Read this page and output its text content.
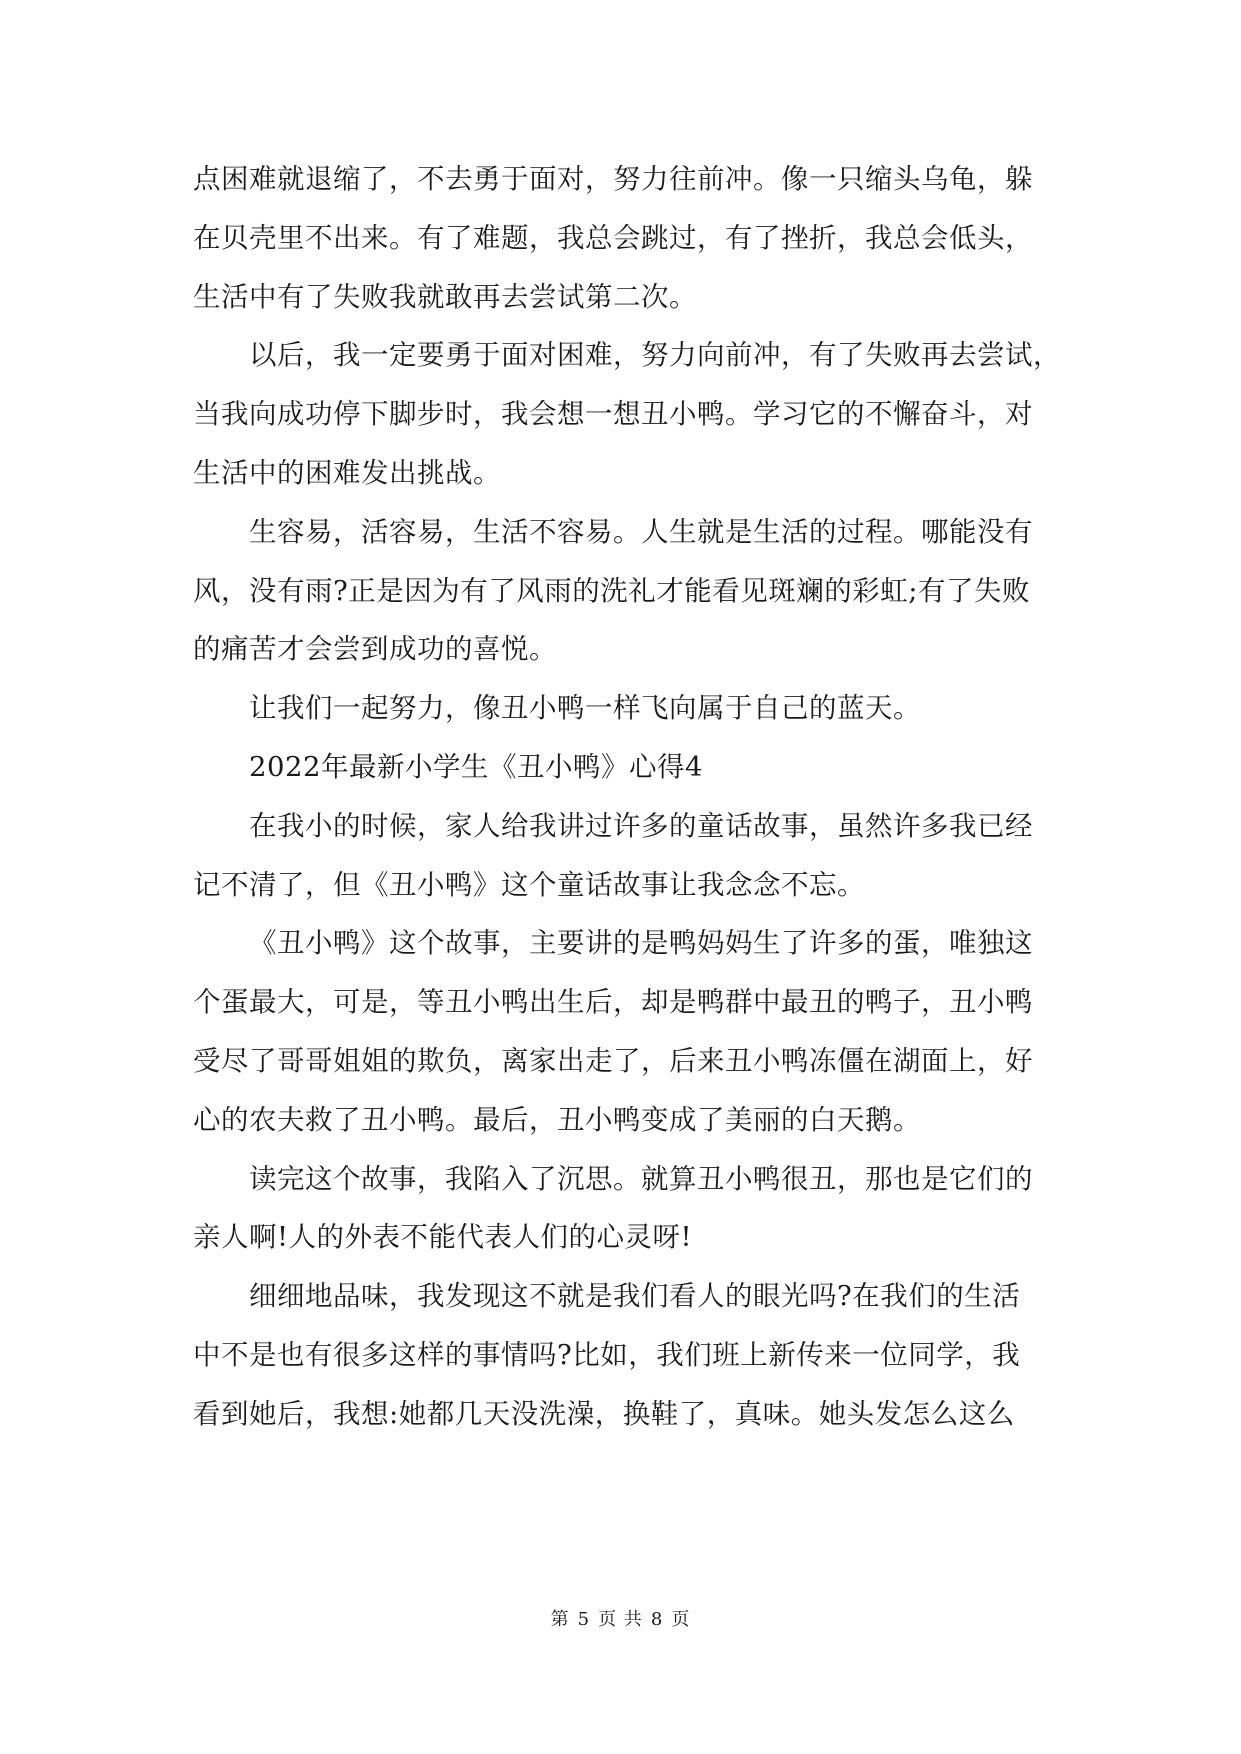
点困难就退缩了，不去勇于面对，努力往前冲。像一只缩头乌龟，躲
在贝壳里不出来。有了难题，我总会跳过，有了挫折，我总会低头，
生活中有了失败我就敢再去尝试第二次。
以后，我一定要勇于面对困难，努力向前冲，有了失败再去尝试，
当我向成功停下脚步时，我会想一想丑小鸭。学习它的不懈奋斗，对
生活中的困难发出挑战。
生容易，活容易，生活不容易。人生就是生活的过程。哪能没有
风，没有雨?正是因为有了风雨的洗礼才能看见斑斓的彩虹;有了失败
的痛苦才会尝到成功的喜悦。
让我们一起努力，像丑小鸭一样飞向属于自己的蓝天。
2022年最新小学生《丑小鸭》心得4
在我小的时候，家人给我讲过许多的童话故事，虽然许多我已经
记不清了，但《丑小鸭》这个童话故事让我念念不忘。
《丑小鸭》这个故事，主要讲的是鸭妈妈生了许多的蛋，唯独这
个蛋最大，可是，等丑小鸭出生后，却是鸭群中最丑的鸭子，丑小鸭
受尽了哥哥姐姐的欺负，离家出走了，后来丑小鸭冻僵在湖面上，好
心的农夫救了丑小鸭。最后，丑小鸭变成了美丽的白天鹅。
读完这个故事，我陷入了沉思。就算丑小鸭很丑，那也是它们的
亲人啊!人的外表不能代表人们的心灵呀!
细细地品味，我发现这不就是我们看人的眼光吗?在我们的生活
中不是也有很多这样的事情吗?比如，我们班上新传来一位同学，我
看到她后，我想:她都几天没洗澡，换鞋了，真味。她头发怎么这么
第 5 页 共 8 页
